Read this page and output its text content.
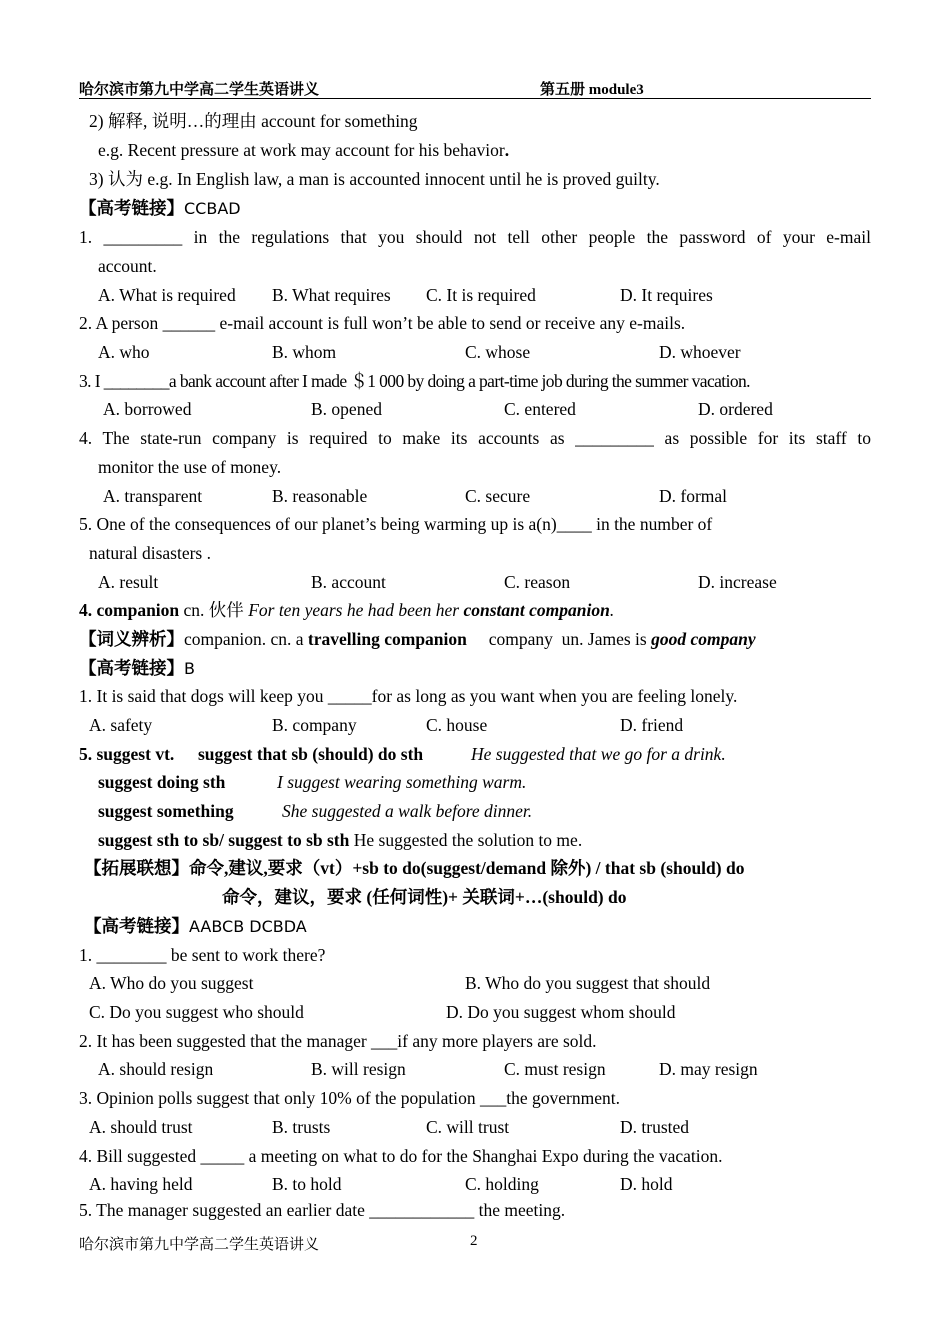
哈尔滨市第九中学高二学生英语讲义	第五册 module3
2) 解释, 说明…的理由 account for something
e.g. Recent pressure at work may account for his behavior.
3) 认为 e.g. In English law, a man is accounted innocent until he is proved guilty.
【高考链接】CCBAD
1. _________ in the regulations that you should not tell other people the password of your e-mail
account.
A. What is required B. What requires C. It is required	D. It requires
2. A person ______ e-mail account is full won’t be able to send or receive any e-mails.
A. who	B. whom	C. whose	D. whoever
3. I ________a bank account after I made ＄1 000 by doing a part-time job during the summer vacation.
A. borrowed	B. opened	C. entered	D. ordered
4. The state-run company is required to make its accounts as _________ as possible for its staff to
monitor the use of money.
A. transparent	B. reasonable	C. secure	D. formal
5. One of the consequences of our planet’s being warming up is a(n)____ in the number of
natural disasters .
A. result	B. account	C. reason	D. increase
4. companion cn. 伙伴 For ten years he had been her constant companion.
【词义辨析】companion. cn. a travelling companion     company  un. James is good company
【高考链接】B
1. It is said that dogs will keep you _____for as long as you want when you are feeling lonely.
A. safety	B. company	C. house	D. friend
5. suggest vt. suggest that sb (should) do sth	He suggested that we go for a drink.
suggest doing sth	I suggest wearing something warm.
suggest something	She suggested a walk before dinner.
suggest sth to sb/ suggest to sb sth He suggested the solution to me.
【拓展联想】命令,建议,要求（vt）+sb to do(suggest/demand 除外) / that sb (should) do
命令，建议，要求 (任何词性)+ 关联词+…(should) do
【高考链接】AABCB DCBDA
1. ________ be sent to work there?
A. Who do you suggest	B. Who do you suggest that should
C. Do you suggest who should	D. Do you suggest whom should
2. It has been suggested that the manager ___if any more players are sold.
A. should resign	B. will resign	C. must resign	D. may resign
3. Opinion polls suggest that only 10% of the population ___the government.
A. should trust	B. trusts	C. will trust	D. trusted
4. Bill suggested _____ a meeting on what to do for the Shanghai Expo during the vacation.
A. having held	B. to hold	C. holding	D. hold
5. The manager suggested an earlier date ____________ the meeting.
哈尔滨市第九中学高二学生英语讲义	2
